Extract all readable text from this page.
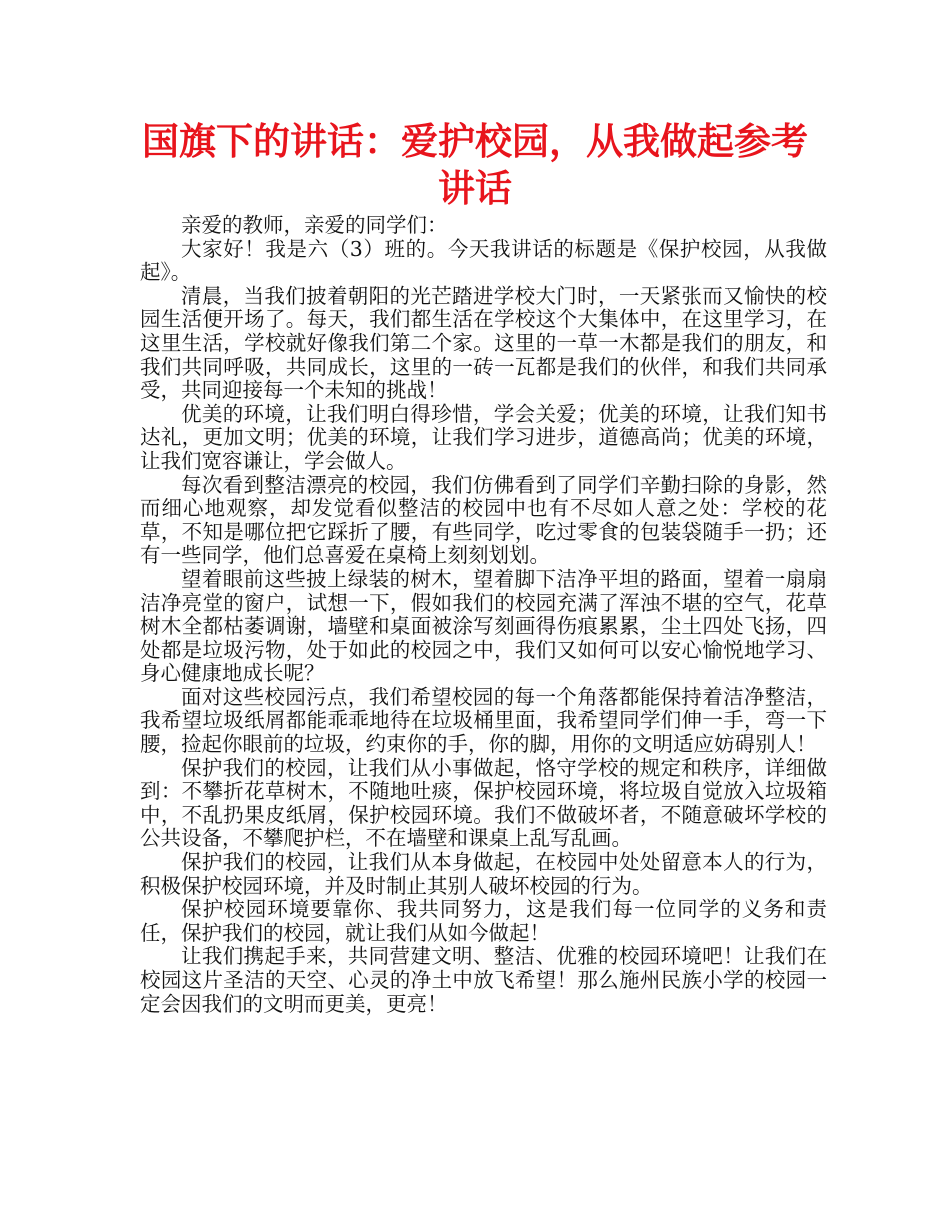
国旗下的讲话：爱护校园，从我做起参考讲话

亲爱的教师，亲爱的同学们：

大家好！我是六（3）班的。今天我讲话的标题是《保护校园，从我做起》。

清晨，当我们披着朝阳的光芒踏进学校大门时，一天紧张而又愉快的校园生活便开场了。每天，我们都生活在学校这个大集体中，在这里学习，在这里生活，学校就好像我们第二个家。这里的一草一木都是我们的朋友，和我们共同呼吸，共同成长，这里的一砖一瓦都是我们的伙伴，和我们共同承受，共同迎接每一个未知的挑战！

优美的环境，让我们明白得珍惜，学会关爱；优美的环境，让我们知书达礼，更加文明；优美的环境，让我们学习进步，道德高尚；优美的环境，让我们宽容谦让，学会做人。

每次看到整洁漂亮的校园，我们仿佛看到了同学们辛勤扫除的身影，然而细心地观察，却发觉看似整洁的校园中也有不尽如人意之处：学校的花草，不知是哪位把它踩折了腰，有些同学，吃过零食的包装袋随手一扔；还有一些同学，他们总喜爱在桌椅上刻刻划划。

望着眼前这些披上绿装的树木，望着脚下洁净平坦的路面，望着一扇扇洁净亮堂的窗户，试想一下，假如我们的校园充满了浑浊不堪的空气，花草树木全都枯萎调谢，墙壁和桌面被涂写刻画得伤痕累累，尘土四处飞扬，四处都是垃圾污物，处于如此的校园之中，我们又如何可以安心愉悦地学习、身心健康地成长呢？

面对这些校园污点，我们希望校园的每一个角落都能保持着洁净整洁，我希望垃圾纸屑都能乖乖地待在垃圾桶里面，我希望同学们伸一手，弯一下腰，捡起你眼前的垃圾，约束你的手，你的脚，用你的文明适应妨碍别人！

保护我们的校园，让我们从小事做起，恪守学校的规定和秩序，详细做到：不攀折花草树木，不随地吐痰，保护校园环境，将垃圾自觉放入垃圾箱中，不乱扔果皮纸屑，保护校园环境。我们不做破坏者，不随意破坏学校的公共设备，不攀爬护栏，不在墙壁和课桌上乱写乱画。

保护我们的校园，让我们从本身做起，在校园中处处留意本人的行为，积极保护校园环境，并及时制止其别人破坏校园的行为。

保护校园环境要靠你、我共同努力，这是我们每一位同学的义务和责任，保护我们的校园，就让我们从如今做起！

让我们携起手来，共同营建文明、整洁、优雅的校园环境吧！让我们在校园这片圣洁的天空、心灵的净土中放飞希望！那么施州民族小学的校园一定会因我们的文明而更美，更亮！
